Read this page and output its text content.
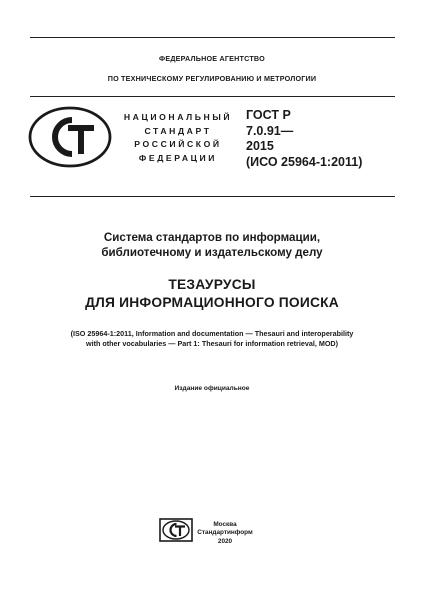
ФЕДЕРАЛЬНОЕ АГЕНТСТВО
ПО ТЕХНИЧЕСКОМУ РЕГУЛИРОВАНИЮ И МЕТРОЛОГИИ
НАЦИОНАЛЬНЫЙ
СТАНДАРТ
РОССИЙСКОЙ
ФЕДЕРАЦИИ
ГОСТ Р
7.0.91—
2015
(ИСО 25964-1:2011)
Система стандартов по информации,
библиотечному и издательскому делу
ТЕЗАУРУСЫ
ДЛЯ ИНФОРМАЦИОННОГО ПОИСКА
(ISO 25964-1:2011, Information and documentation — Thesauri and interoperability
with other vocabularies — Part 1: Thesauri for information retrieval, MOD)
Издание официальное
Москва
Стандартинформ
2020
